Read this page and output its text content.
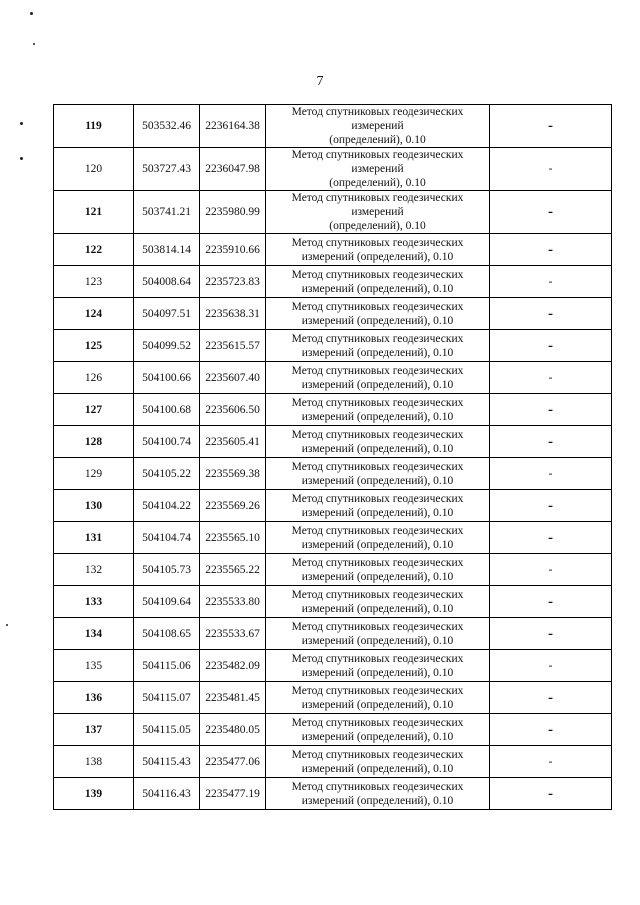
7
119	503532.46	2236164.38	Метод спутниковых геодезических измерений
(определений), 0.10	-
120	503727.43	2236047.98	Метод спутниковых геодезических измерений
(определений), 0.10	-
121	503741.21	2235980.99	Метод спутниковых геодезических измерений
(определений), 0.10	-
122	503814.14	2235910.66	Метод спутниковых геодезических
измерений (определений), 0.10	-
123	504008.64	2235723.83	Метод спутниковых геодезических
измерений (определений), 0.10	-
124	504097.51	2235638.31	Метод спутниковых геодезических
измерений (определений), 0.10	-
125	504099.52	2235615.57	Метод спутниковых геодезических
измерений (определений), 0.10	-
126	504100.66	2235607.40	Метод спутниковых геодезических
измерений (определений), 0.10	-
127	504100.68	2235606.50	Метод спутниковых геодезических
измерений (определений), 0.10	-
128	504100.74	2235605.41	Метод спутниковых геодезических
измерений (определений), 0.10	-
129	504105.22	2235569.38	Метод спутниковых геодезических
измерений (определений), 0.10	-
130	504104.22	2235569.26	Метод спутниковых геодезических
измерений (определений), 0.10	-
131	504104.74	2235565.10	Метод спутниковых геодезических
измерений (определений), 0.10	-
132	504105.73	2235565.22	Метод спутниковых геодезических
измерений (определений), 0.10	-
133	504109.64	2235533.80	Метод спутниковых геодезических
измерений (определений), 0.10	-
134	504108.65	2235533.67	Метод спутниковых геодезических
измерений (определений), 0.10	-
135	504115.06	2235482.09	Метод спутниковых геодезических
измерений (определений), 0.10	-
136	504115.07	2235481.45	Метод спутниковых геодезических
измерений (определений), 0.10	-
137	504115.05	2235480.05	Метод спутниковых геодезических
измерений (определений), 0.10	-
138	504115.43	2235477.06	Метод спутниковых геодезических
измерений (определений), 0.10	-
139	504116.43	2235477.19	Метод спутниковых геодезических
измерений (определений), 0.10	-
